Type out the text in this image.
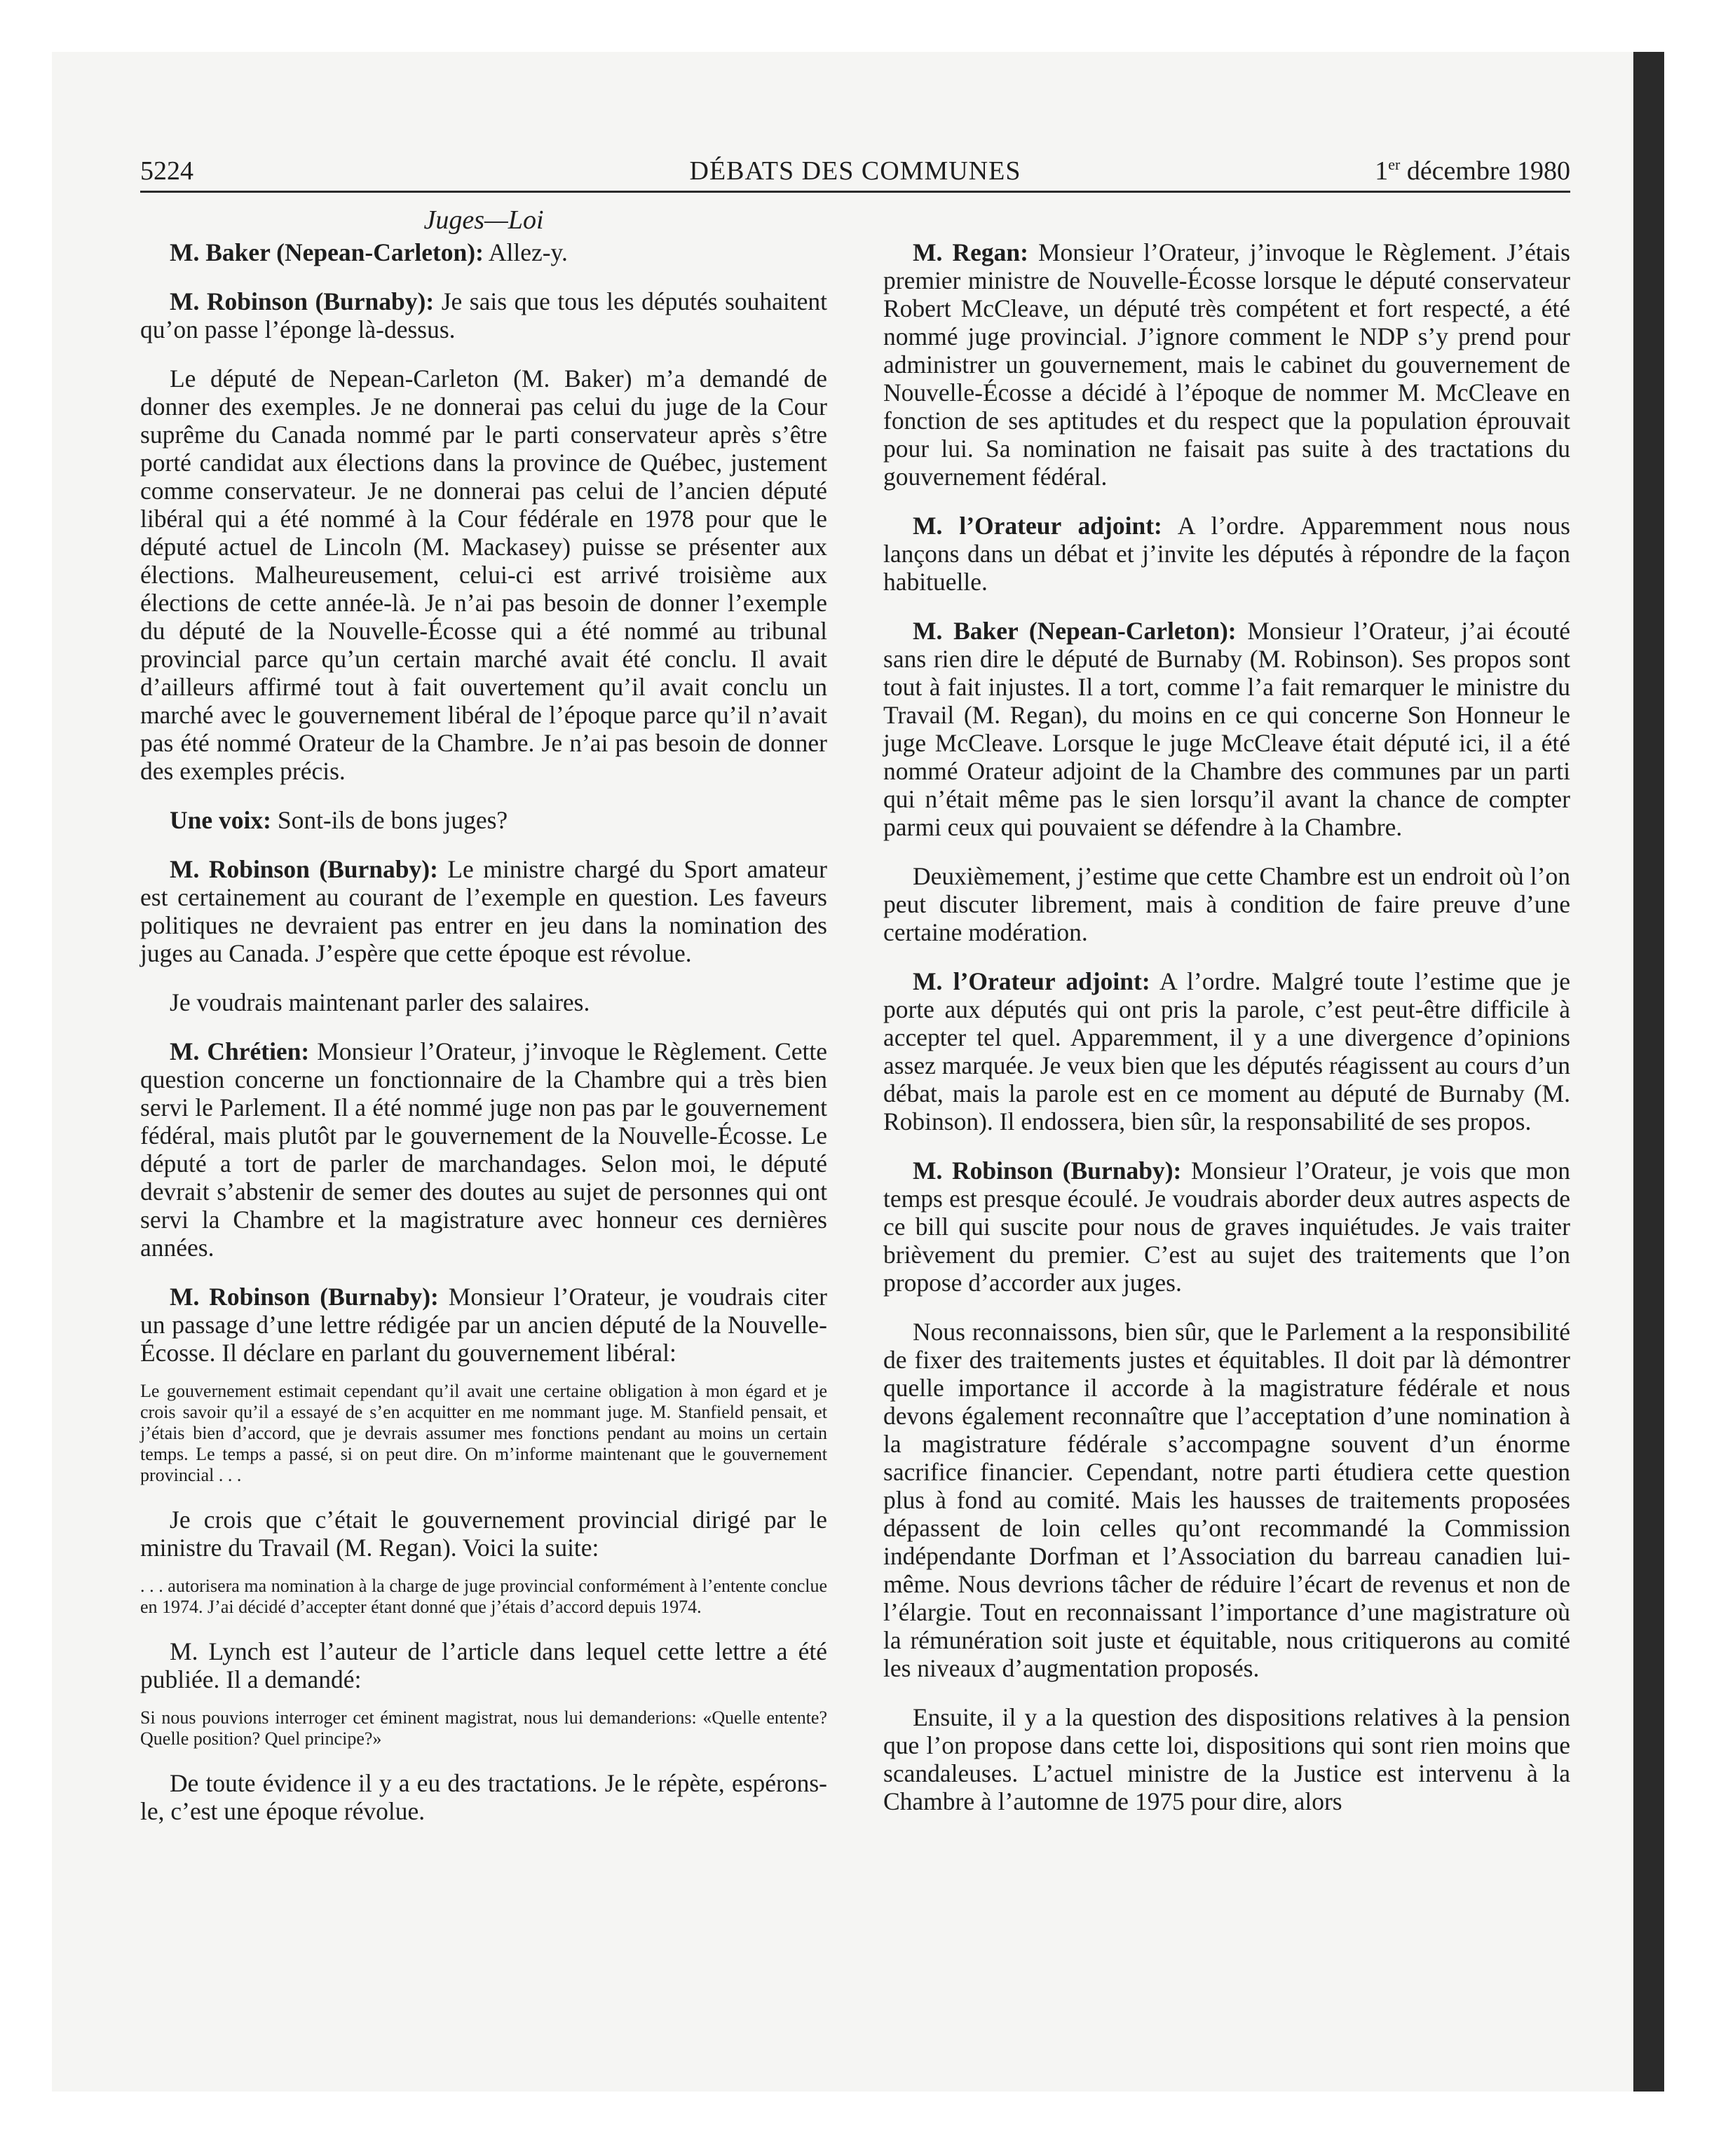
5224	DÉBATS DES COMMUNES	1er décembre 1980
Juges—Loi

M. Baker (Nepean-Carleton): Allez-y.

M. Robinson (Burnaby): Je sais que tous les députés souhaitent qu’on passe l’éponge là-dessus.

Le député de Nepean-Carleton (M. Baker) m’a demandé de donner des exemples. Je ne donnerai pas celui du juge de la Cour suprême du Canada nommé par le parti conservateur après s’être porté candidat aux élections dans la province de Québec, justement comme conservateur. Je ne donnerai pas celui de l’ancien député libéral qui a été nommé à la Cour fédérale en 1978 pour que le député actuel de Lincoln (M. Mackasey) puisse se présenter aux élections. Malheureusement, celui-ci est arrivé troisième aux élections de cette année-là. Je n’ai pas besoin de donner l’exemple du député de la Nouvelle-Écosse qui a été nommé au tribunal provincial parce qu’un certain marché avait été conclu. Il avait d’ailleurs affirmé tout à fait ouvertement qu’il avait conclu un marché avec le gouvernement libéral de l’époque parce qu’il n’avait pas été nommé Orateur de la Chambre. Je n’ai pas besoin de donner des exemples précis.

Une voix: Sont-ils de bons juges?

M. Robinson (Burnaby): Le ministre chargé du Sport amateur est certainement au courant de l’exemple en question. Les faveurs politiques ne devraient pas entrer en jeu dans la nomination des juges au Canada. J’espère que cette époque est révolue.

Je voudrais maintenant parler des salaires.

M. Chrétien: Monsieur l’Orateur, j’invoque le Règlement. Cette question concerne un fonctionnaire de la Chambre qui a très bien servi le Parlement. Il a été nommé juge non pas par le gouvernement fédéral, mais plutôt par le gouvernement de la Nouvelle-Écosse. Le député a tort de parler de marchandages. Selon moi, le député devrait s’abstenir de semer des doutes au sujet de personnes qui ont servi la Chambre et la magistrature avec honneur ces dernières années.

M. Robinson (Burnaby): Monsieur l’Orateur, je voudrais citer un passage d’une lettre rédigée par un ancien député de la Nouvelle-Écosse. Il déclare en parlant du gouvernement libéral:

Le gouvernement estimait cependant qu’il avait une certaine obligation à mon égard et je crois savoir qu’il a essayé de s’en acquitter en me nommant juge. M. Stanfield pensait, et j’étais bien d’accord, que je devrais assumer mes fonctions pendant au moins un certain temps. Le temps a passé, si on peut dire. On m’informe maintenant que le gouvernement provincial . . .

Je crois que c’était le gouvernement provincial dirigé par le ministre du Travail (M. Regan). Voici la suite:

. . . autorisera ma nomination à la charge de juge provincial conformément à l’entente conclue en 1974. J’ai décidé d’accepter étant donné que j’étais d’accord depuis 1974.

M. Lynch est l’auteur de l’article dans lequel cette lettre a été publiée. Il a demandé:

Si nous pouvions interroger cet éminent magistrat, nous lui demanderions: «Quelle entente? Quelle position? Quel principe?»

De toute évidence il y a eu des tractations. Je le répète, espérons-le, c’est une époque révolue.

M. Regan: Monsieur l’Orateur, j’invoque le Règlement. J’étais premier ministre de Nouvelle-Écosse lorsque le député conservateur Robert McCleave, un député très compétent et fort respecté, a été nommé juge provincial. J’ignore comment le NDP s’y prend pour administrer un gouvernement, mais le cabinet du gouvernement de Nouvelle-Écosse a décidé à l’époque de nommer M. McCleave en fonction de ses aptitudes et du respect que la population éprouvait pour lui. Sa nomination ne faisait pas suite à des tractations du gouvernement fédéral.

M. l’Orateur adjoint: A l’ordre. Apparemment nous nous lançons dans un débat et j’invite les députés à répondre de la façon habituelle.

M. Baker (Nepean-Carleton): Monsieur l’Orateur, j’ai écouté sans rien dire le député de Burnaby (M. Robinson). Ses propos sont tout à fait injustes. Il a tort, comme l’a fait remarquer le ministre du Travail (M. Regan), du moins en ce qui concerne Son Honneur le juge McCleave. Lorsque le juge McCleave était député ici, il a été nommé Orateur adjoint de la Chambre des communes par un parti qui n’était même pas le sien lorsqu’il avant la chance de compter parmi ceux qui pouvaient se défendre à la Chambre.

Deuxièmement, j’estime que cette Chambre est un endroit où l’on peut discuter librement, mais à condition de faire preuve d’une certaine modération.

M. l’Orateur adjoint: A l’ordre. Malgré toute l’estime que je porte aux députés qui ont pris la parole, c’est peut-être difficile à accepter tel quel. Apparemment, il y a une divergence d’opinions assez marquée. Je veux bien que les députés réagissent au cours d’un débat, mais la parole est en ce moment au député de Burnaby (M. Robinson). Il endossera, bien sûr, la responsabilité de ses propos.

M. Robinson (Burnaby): Monsieur l’Orateur, je vois que mon temps est presque écoulé. Je voudrais aborder deux autres aspects de ce bill qui suscite pour nous de graves inquiétudes. Je vais traiter brièvement du premier. C’est au sujet des traitements que l’on propose d’accorder aux juges.

Nous reconnaissons, bien sûr, que le Parlement a la responsibilité de fixer des traitements justes et équitables. Il doit par là démontrer quelle importance il accorde à la magistrature fédérale et nous devons également reconnaître que l’acceptation d’une nomination à la magistrature fédérale s’accompagne souvent d’un énorme sacrifice financier. Cependant, notre parti étudiera cette question plus à fond au comité. Mais les hausses de traitements proposées dépassent de loin celles qu’ont recommandé la Commission indépendante Dorfman et l’Association du barreau canadien lui-même. Nous devrions tâcher de réduire l’écart de revenus et non de l’élargie. Tout en reconnaissant l’importance d’une magistrature où la rémunération soit juste et équitable, nous critiquerons au comité les niveaux d’augmentation proposés.

Ensuite, il y a la question des dispositions relatives à la pension que l’on propose dans cette loi, dispositions qui sont rien moins que scandaleuses. L’actuel ministre de la Justice est intervenu à la Chambre à l’automne de 1975 pour dire, alors
